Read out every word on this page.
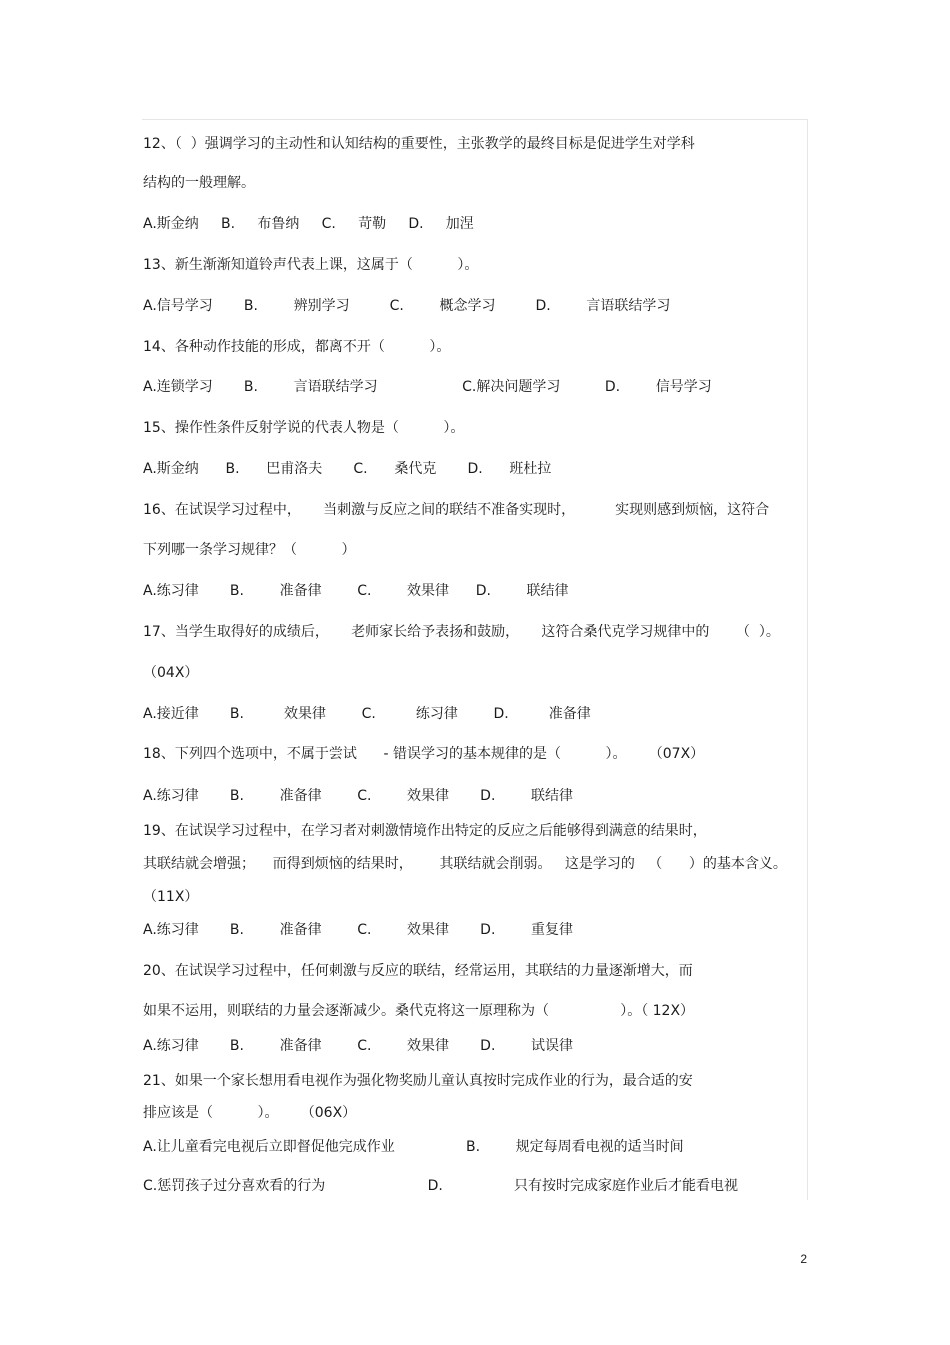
12、（  ）强调学习的主动性和认知结构的重要性，主张教学的最终目标是促进学生对学科
结构的一般理解。
A.斯金纳     B.     布鲁纳     C.     苛勒     D.     加涅
13、新生渐渐知道铃声代表上课，这属于（          ）。
A.信号学习       B.        辨别学习         C.        概念学习         D.        言语联结学习
14、各种动作技能的形成，都离不开（          ）。
A.连锁学习       B.        言语联结学习                   C.解决问题学习          D.        信号学习
15、操作性条件反射学说的代表人物是（          ）。
A.斯金纳      B.      巴甫洛夫       C.      桑代克       D.      班杜拉
16、在试误学习过程中，     当刺激与反应之间的联结不准备实现时，         实现则感到烦恼，这符合
下列哪一条学习规律？（          ）
A.练习律       B.        准备律        C.        效果律      D.        联结律
17、当学生取得好的成绩后，     老师家长给予表扬和鼓励，     这符合桑代克学习规律中的      （  ）。
（04X）
A.接近律       B.         效果律        C.         练习律        D.         准备律
18、下列四个选项中，不属于尝试      - 错误学习的基本规律的是（          ）。     （07X）
A.练习律       B.        准备律        C.        效果律       D.        联结律
19、在试误学习过程中，在学习者对刺激情境作出特定的反应之后能够得到满意的结果时，
其联结就会增强；    而得到烦恼的结果时，      其联结就会削弱。   这是学习的   （      ）的基本含义。
（11X）
A.练习律       B.        准备律        C.        效果律       D.        重复律
20、在试误学习过程中，任何刺激与反应的联结，经常运用，其联结的力量逐渐增大，而
如果不运用，则联结的力量会逐渐减少。桑代克将这一原理称为（                ）。（ 12X）
A.练习律       B.        准备律        C.        效果律       D.        试误律
21、如果一个家长想用看电视作为强化物奖励儿童认真按时完成作业的行为，最合适的安
排应该是（          ）。     （06X）
A.让儿童看完电视后立即督促他完成作业                B.        规定每周看电视的适当时间
C.惩罚孩子过分喜欢看的行为                       D.                只有按时完成家庭作业后才能看电视
2
